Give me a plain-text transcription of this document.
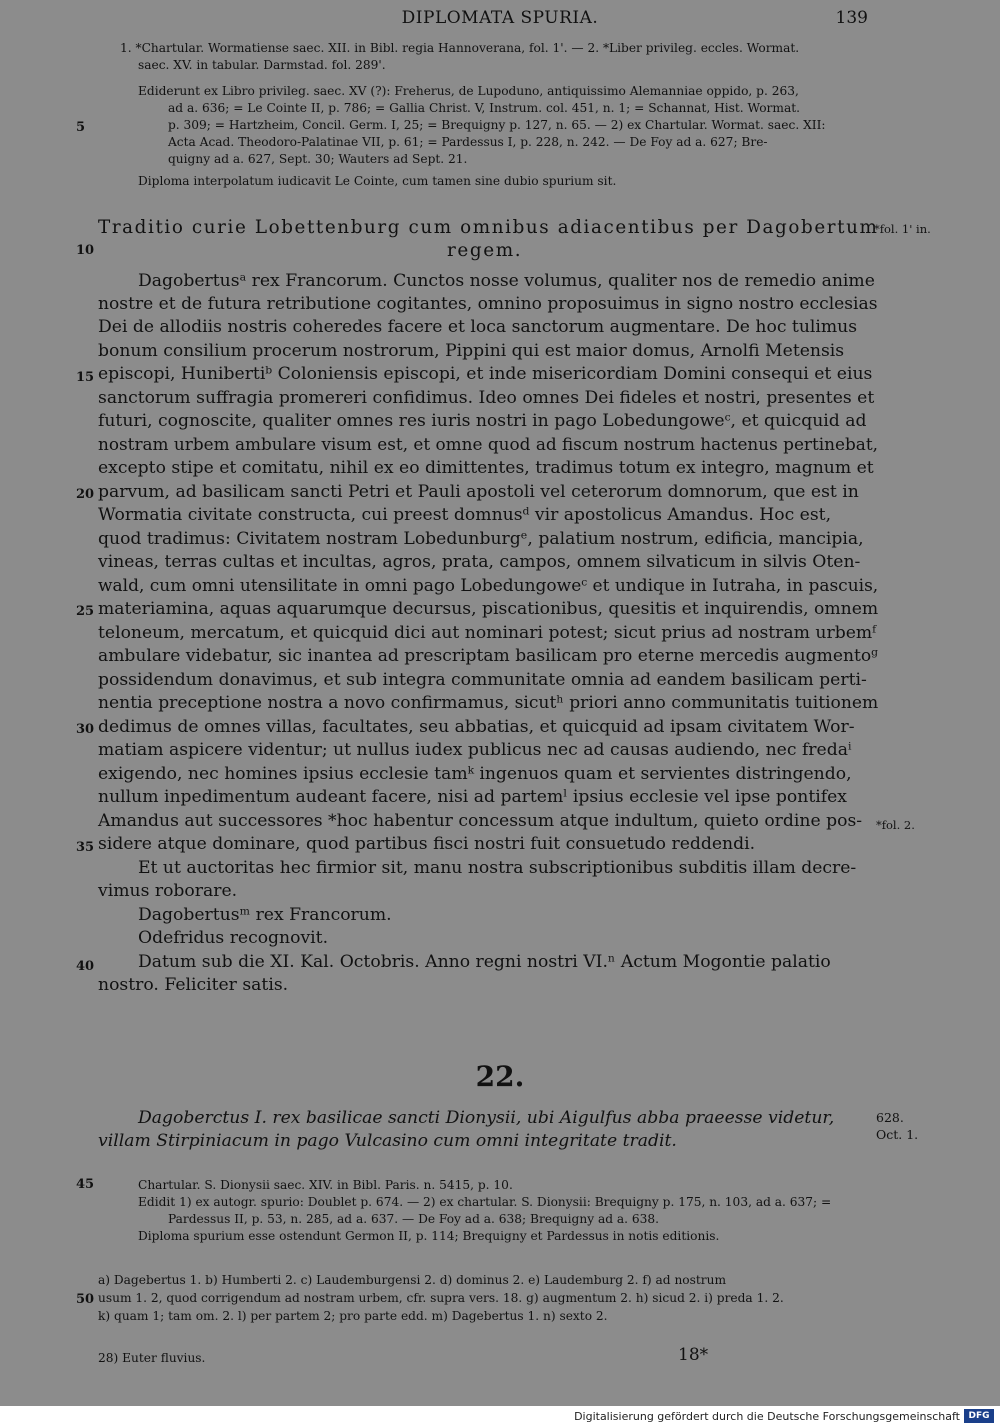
DIPLOMATA SPURIA.	139
1. *Chartular. Wormatiense saec. XII. in Bibl. regia Hannoverana, fol. 1'. — 2. *Liber privileg. eccles. Wormat.
saec. XV. in tabular. Darmstad. fol. 289'.
Ediderunt ex Libro privileg. saec. XV (?): Freherus, de Lupoduno, antiquissimo Alemanniae oppido, p. 263,
ad a. 636; = Le Cointe II, p. 786; = Gallia Christ. V, Instrum. col. 451, n. 1; = Schannat, Hist. Wormat.
p. 309; = Hartzheim, Concil. Germ. I, 25; = Brequigny p. 127, n. 65. — 2) ex Chartular. Wormat. saec. XII:
Acta Acad. Theodoro-Palatinae VII, p. 61; = Pardessus I, p. 228, n. 242. — De Foy ad a. 627; Bre-
quigny ad a. 627, Sept. 30; Wauters ad Sept. 21.
Diploma interpolatum iudicavit Le Cointe, cum tamen sine dubio spurium sit.
Traditio curie Lobettenburg cum omnibus adiacentibus per Dagobertum
regem.
*fol. 1' in.
Dagobertusᵃ rex Francorum. Cunctos nosse volumus, qualiter nos de remedio anime
nostre et de futura retributione cogitantes, omnino proposuimus in signo nostro ecclesias
Dei de allodiis nostris coheredes facere et loca sanctorum augmentare. De hoc tulimus
bonum consilium procerum nostrorum, Pippini qui est maior domus, Arnolfi Metensis
episcopi, Hunibertiᵇ Coloniensis episcopi, et inde misericordiam Domini consequi et eius
sanctorum suffragia promereri confidimus. Ideo omnes Dei fideles et nostri, presentes et
futuri, cognoscite, qualiter omnes res iuris nostri in pago Lobedungoweᶜ, et quicquid ad
nostram urbem ambulare visum est, et omne quod ad fiscum nostrum hactenus pertinebat,
excepto stipe et comitatu, nihil ex eo dimittentes, tradimus totum ex integro, magnum et
parvum, ad basilicam sancti Petri et Pauli apostoli vel ceterorum domnorum, que est in
Wormatia civitate constructa, cui preest domnusᵈ vir apostolicus Amandus. Hoc est,
quod tradimus: Civitatem nostram Lobedunburgᵉ, palatium nostrum, edificia, mancipia,
vineas, terras cultas et incultas, agros, prata, campos, omnem silvaticum in silvis Oten-
wald, cum omni utensilitate in omni pago Lobedungoweᶜ et undique in Iutraha, in pascuis,
materiamina, aquas aquarumque decursus, piscationibus, quesitis et inquirendis, omnem
teloneum, mercatum, et quicquid dici aut nominari potest; sicut prius ad nostram urbemᶠ
ambulare videbatur, sic inantea ad prescriptam basilicam pro eterne mercedis augmentoᵍ
possidendum donavimus, et sub integra communitate omnia ad eandem basilicam perti-
nentia preceptione nostra a novo confirmamus, sicutʰ priori anno communitatis tuitionem
dedimus de omnes villas, facultates, seu abbatias, et quicquid ad ipsam civitatem Wor-
matiam aspicere videntur; ut nullus iudex publicus nec ad causas audiendo, nec fredaⁱ
exigendo, nec homines ipsius ecclesie tamᵏ ingenuos quam et servientes distringendo,
nullum inpedimentum audeant facere, nisi ad partemˡ ipsius ecclesie vel ipse pontifex
Amandus aut successores *hoc habentur concessum atque indultum, quieto ordine pos-
sidere atque dominare, quod partibus fisci nostri fuit consuetudo reddendi.
Et ut auctoritas hec firmior sit, manu nostra subscriptionibus subditis illam decre-
vimus roborare.
Dagobertusᵐ rex Francorum.
Odefridus recognovit.
Datum sub die XI. Kal. Octobris. Anno regni nostri VI.ⁿ Actum Mogontie palatio
nostro. Feliciter satis.
*fol. 2.
5
10
15
20
25
30
35
40
45
50
22.
Dagoberctus I. rex basilicae sancti Dionysii, ubi Aigulfus abba praeesse videtur,
villam Stirpiniacum in pago Vulcasino cum omni integritate tradit.
628.
Oct. 1.
Chartular. S. Dionysii saec. XIV. in Bibl. Paris. n. 5415, p. 10.
Edidit 1) ex autogr. spurio: Doublet p. 674. — 2) ex chartular. S. Dionysii: Brequigny p. 175, n. 103, ad a. 637; =
Pardessus II, p. 53, n. 285, ad a. 637. — De Foy ad a. 638; Brequigny ad a. 638.
Diploma spurium esse ostendunt Germon II, p. 114; Brequigny et Pardessus in notis editionis.
a) Dagebertus 1. b) Humberti 2. c) Laudemburgensi 2. d) dominus 2. e) Laudemburg 2. f) ad nostrum
usum 1. 2, quod corrigendum ad nostram urbem, cfr. supra vers. 18. g) augmentum 2. h) sicud 2. i) preda 1. 2.
k) quam 1; tam om. 2. l) per partem 2; pro parte edd. m) Dagebertus 1. n) sexto 2.
28) Euter fluvius.	18*
Digitalisierung gefördert durch die Deutsche Forschungsgemeinschaft DFG
